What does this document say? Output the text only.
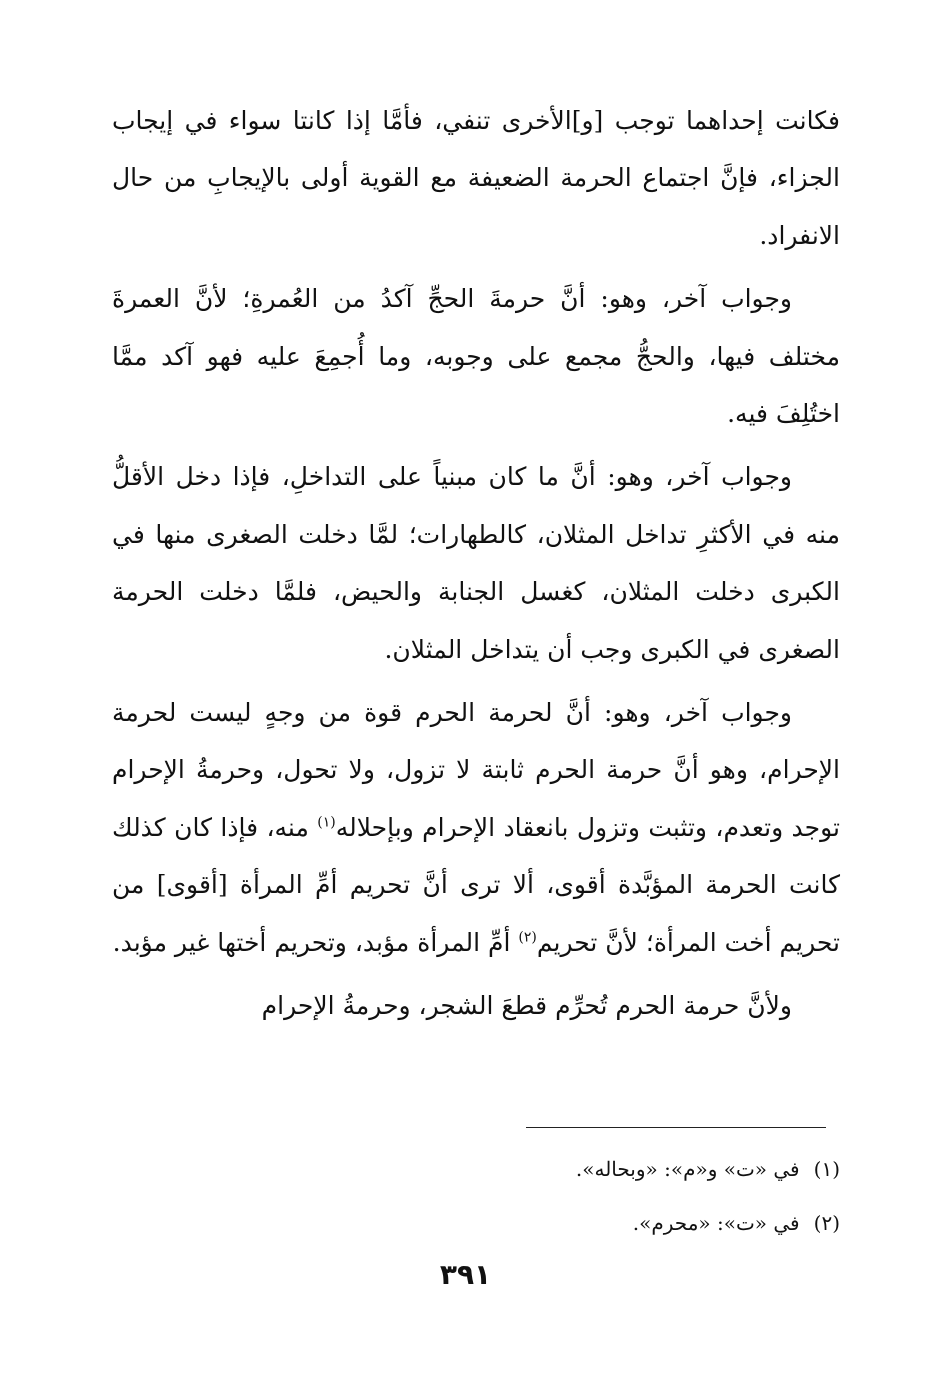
فكانت إحداهما توجب [و]الأخرى تنفي، فأمَّا إذا كانتا سواء في إيجاب الجزاء، فإنَّ اجتماع الحرمة الضعيفة مع القوية أولى بالإيجابِ من حال الانفراد.

وجواب آخر، وهو: أنَّ حرمةَ الحجِّ آكدُ من العُمرةِ؛ لأنَّ العمرةَ مختلف فيها، والحجُّ مجمع على وجوبه، وما أُجمِعَ عليه فهو آكد ممَّا اختُلِفَ فيه.

وجواب آخر، وهو: أنَّ ما كان مبنياً على التداخلِ، فإذا دخل الأقلُّ منه في الأكثرِ تداخل المثلان، كالطهارات؛ لمَّا دخلت الصغرى منها في الكبرى دخلت المثلان، كغسل الجنابة والحيض، فلمَّا دخلت الحرمة الصغرى في الكبرى وجب أن يتداخل المثلان.

وجواب آخر، وهو: أنَّ لحرمة الحرم قوة من وجهٍ ليست لحرمة الإحرام، وهو أنَّ حرمة الحرم ثابتة لا تزول، ولا تحول، وحرمةُ الإحرام توجد وتعدم، وتثبت وتزول بانعقاد الإحرام وبإحلاله$^{(١)}$ منه، فإذا كان كذلك كانت الحرمة المؤبَّدة أقوى، ألا ترى أنَّ تحريم أمِّ المرأة [أقوى] من تحريم أخت المرأة؛ لأنَّ تحريم$^{(٢)}$ أمِّ المرأة مؤبد، وتحريم أختها غير مؤبد.

ولأنَّ حرمة الحرم تُحرِّم قطعَ الشجر، وحرمةُ الإحرام

(١)في «ت» و«م»: «وبحاله».

(٢)في «ت»: «محرم».

٣٩١
